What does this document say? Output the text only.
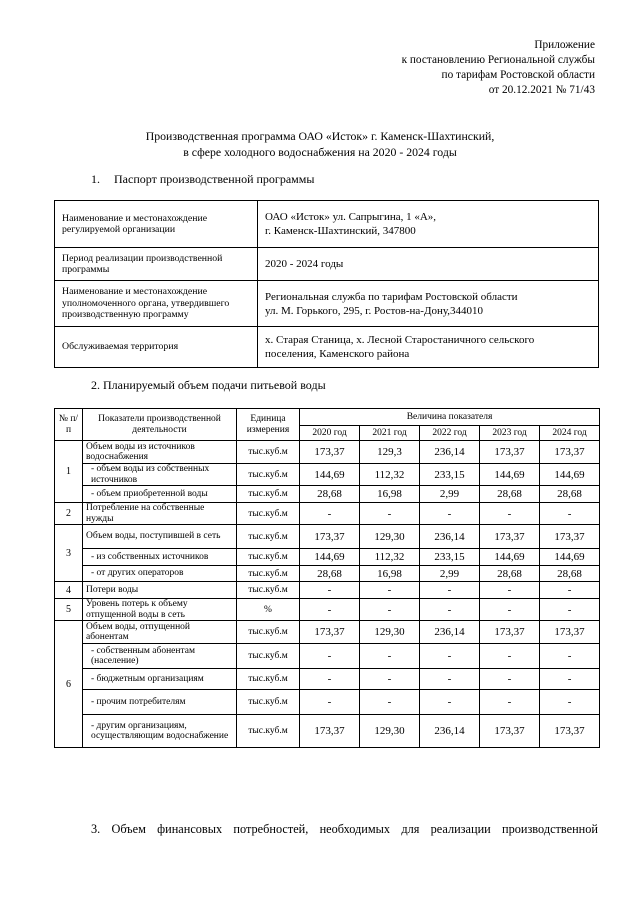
Приложение
к постановлению Региональной службы
по тарифам Ростовской области
от 20.12.2021 № 71/43
Производственная программа ОАО «Исток» г. Каменск-Шахтинский,
в сфере холодного водоснабжения на 2020 - 2024 годы
1. Паспорт производственной программы
Наименование и местонахождение регулируемой организации	ОАО «Исток» ул. Сапрыгина, 1 «А»,
г. Каменск-Шахтинский, 347800

Период реализации производственной программы	2020 - 2024 годы

Наименование и местонахождение уполномоченного органа, утвердившего производственную программу	Региональная служба по тарифам Ростовской области
ул. М. Горького, 295, г. Ростов-на-Дону,344010

Обслуживаемая территория	х. Старая Станица, х. Лесной Старостаничного сельского
поселения, Каменского района
2. Планируемый объем подачи питьевой воды
№ п/п	Показатели производственной деятельности	Единица измерения	Величина показателя				
			2020 год	2021 год	2022 год	2023 год	2024 год
1	Объем воды из источников водоснабжения	тыс.куб.м	173,37	129,3	236,14	173,37	173,37
	- объем воды из собственных источников	тыс.куб.м	144,69	112,32	233,15	144,69	144,69
	- объем приобретенной воды	тыс.куб.м	28,68	16,98	2,99	28,68	28,68
2	Потребление на собственные нужды	тыс.куб.м	-	-	-	-	-
3	Объем воды, поступившей в сеть	тыс.куб.м	173,37	129,30	236,14	173,37	173,37
	- из собственных источников	тыс.куб.м	144,69	112,32	233,15	144,69	144,69
	- от других операторов	тыс.куб.м	28,68	16,98	2,99	28,68	28,68
4	Потери воды	тыс.куб.м	-	-	-	-	-
5	Уровень потерь к объему отпущенной воды в сеть	%	-	-	-	-	-
6	Объем воды, отпущенной абонентам	тыс.куб.м	173,37	129,30	236,14	173,37	173,37
	- собственным абонентам (население)	тыс.куб.м	-	-	-	-	-
	- бюджетным организациям	тыс.куб.м	-	-	-	-	-
	- прочим потребителям	тыс.куб.м	-	-	-	-	-
	- другим организациям, осуществляющим водоснабжение	тыс.куб.м	173,37	129,30	236,14	173,37	173,37
3. Объем финансовых потребностей, необходимых для реализации производственной
